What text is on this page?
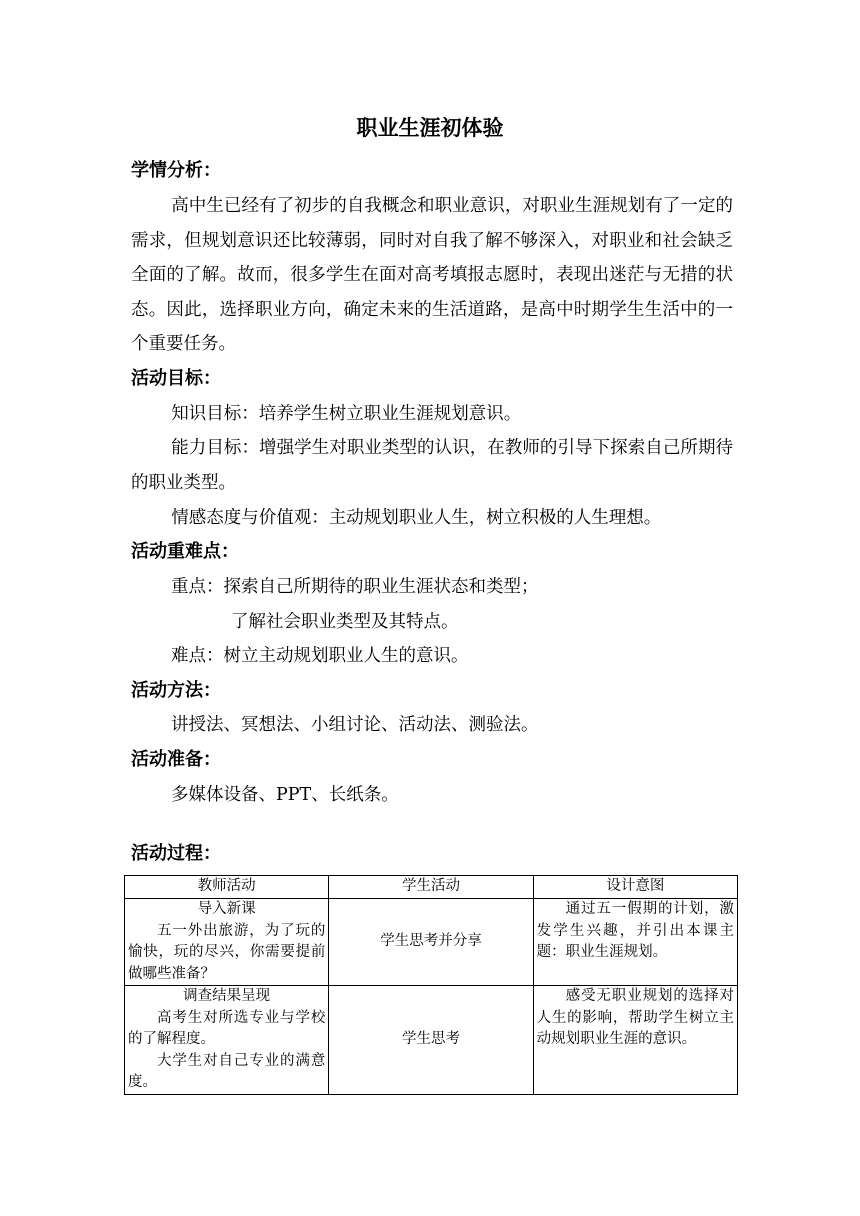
职业生涯初体验
学情分析：
高中生已经有了初步的自我概念和职业意识，对职业生涯规划有了一定的需求，但规划意识还比较薄弱，同时对自我了解不够深入，对职业和社会缺乏全面的了解。故而，很多学生在面对高考填报志愿时，表现出迷茫与无措的状态。因此，选择职业方向，确定未来的生活道路，是高中时期学生生活中的一个重要任务。
活动目标：
知识目标：培养学生树立职业生涯规划意识。
能力目标：增强学生对职业类型的认识，在教师的引导下探索自己所期待的职业类型。
情感态度与价值观：主动规划职业人生，树立积极的人生理想。
活动重难点：
重点：探索自己所期待的职业生涯状态和类型；
了解社会职业类型及其特点。
难点：树立主动规划职业人生的意识。
活动方法：
讲授法、冥想法、小组讨论、活动法、测验法。
活动准备：
多媒体设备、PPT、长纸条。
活动过程：
教师活动	学生活动	设计意图

导入新课
五一外出旅游，为了玩的愉快，玩的尽兴，你需要提前做哪些准备？	学生思考并分享	通过五一假期的计划，激发学生兴趣，并引出本课主题：职业生涯规划。

调查结果呈现
高考生对所选专业与学校的了解程度。
大学生对自己专业的满意度。	学生思考	感受无职业规划的选择对人生的影响，帮助学生树立主动规划职业生涯的意识。
